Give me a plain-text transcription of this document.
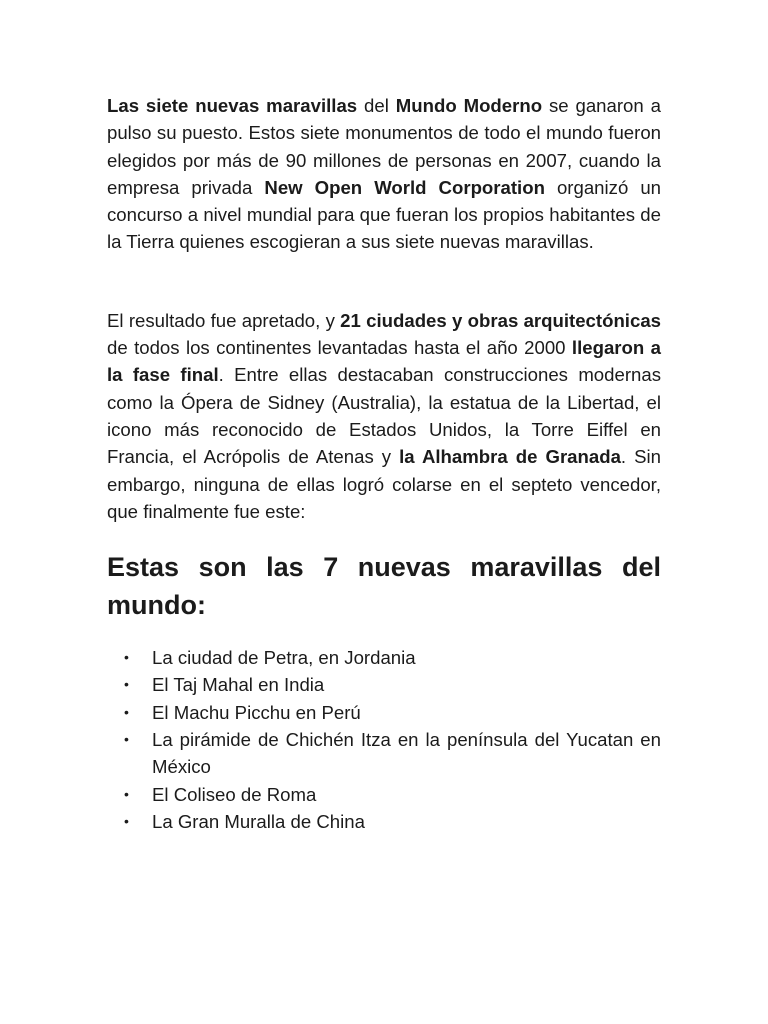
Las siete nuevas maravillas del Mundo Moderno se ganaron a pulso su puesto. Estos siete monumentos de todo el mundo fueron elegidos por más de 90 millones de personas en 2007, cuando la empresa privada New Open World Corporation organizó un concurso a nivel mundial para que fueran los propios habitantes de la Tierra quienes escogieran a sus siete nuevas maravillas.

El resultado fue apretado, y 21 ciudades y obras arquitectónicas de todos los continentes levantadas hasta el año 2000 llegaron a la fase final. Entre ellas destacaban construcciones modernas como la Ópera de Sidney (Australia), la estatua de la Libertad, el icono más reconocido de Estados Unidos, la Torre Eiffel en Francia, el Acrópolis de Atenas y la Alhambra de Granada. Sin embargo, ninguna de ellas logró colarse en el septeto vencedor, que finalmente fue este:

Estas son las 7 nuevas maravillas del mundo:
• La ciudad de Petra, en Jordania
• El Taj Mahal en India
• El Machu Picchu en Perú
• La pirámide de Chichén Itza en la península del Yucatan en México
• El Coliseo de Roma
• La Gran Muralla de China
